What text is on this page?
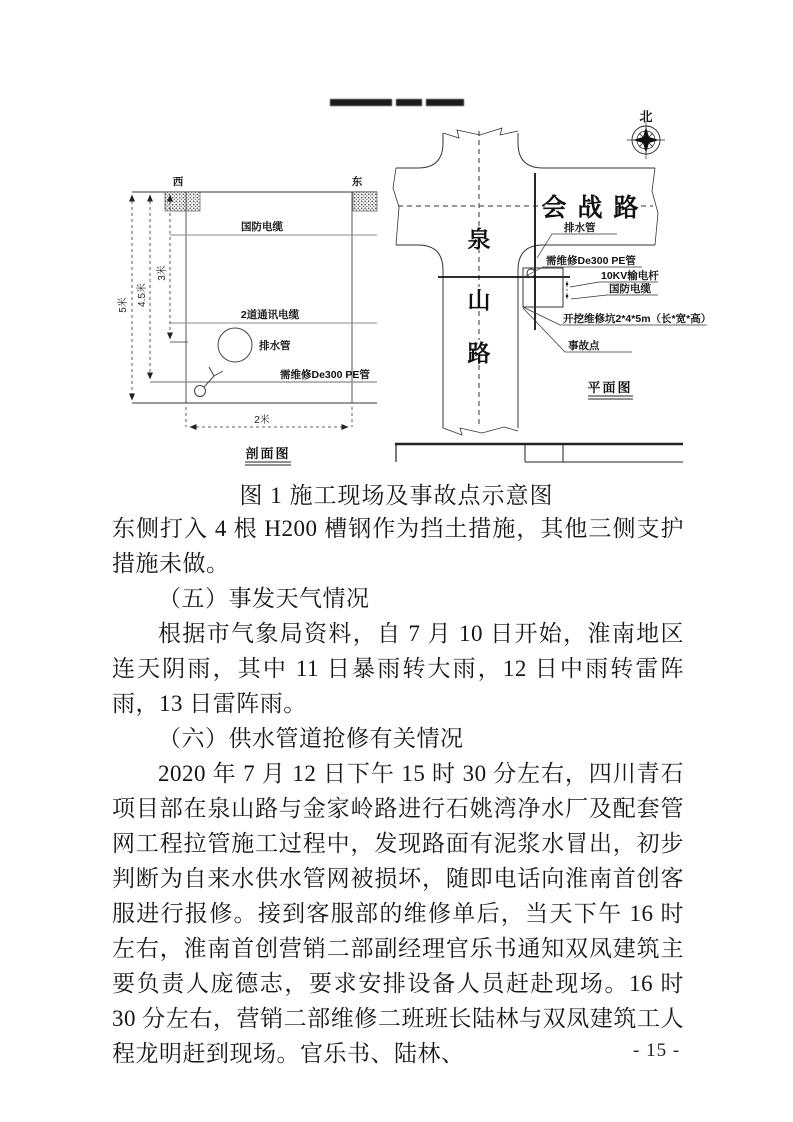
西	东
5米 4.5米
3米
2米
国防电缆
2道通讯电缆
排水管
需维修De300 PE管
剖面图
北
会 战 路
泉
山
路
排水管
需维修De300 PE管
10KV输电杆
国防电缆
开挖维修坑2*4*5m（长*宽*高）
事故点
平面图
图 1 施工现场及事故点示意图

东侧打入 4 根 H200 槽钢作为挡土措施，其他三侧支护措施未做。

（五）事发天气情况

根据市气象局资料，自 7 月 10 日开始，淮南地区连天阴雨，其中 11 日暴雨转大雨，12 日中雨转雷阵雨，13 日雷阵雨。

（六）供水管道抢修有关情况

2020 年 7 月 12 日下午 15 时 30 分左右，四川青石项目部在泉山路与金家岭路进行石姚湾净水厂及配套管网工程拉管施工过程中，发现路面有泥浆水冒出，初步判断为自来水供水管网被损坏，随即电话向淮南首创客服进行报修。接到客服部的维修单后，当天下午 16 时左右，淮南首创营销二部副经理官乐书通知双凤建筑主要负责人庞德志，要求安排设备人员赶赴现场。16 时 30 分左右，营销二部维修二班班长陆林与双凤建筑工人程龙明赶到现场。官乐书、陆林、	- 15 -
